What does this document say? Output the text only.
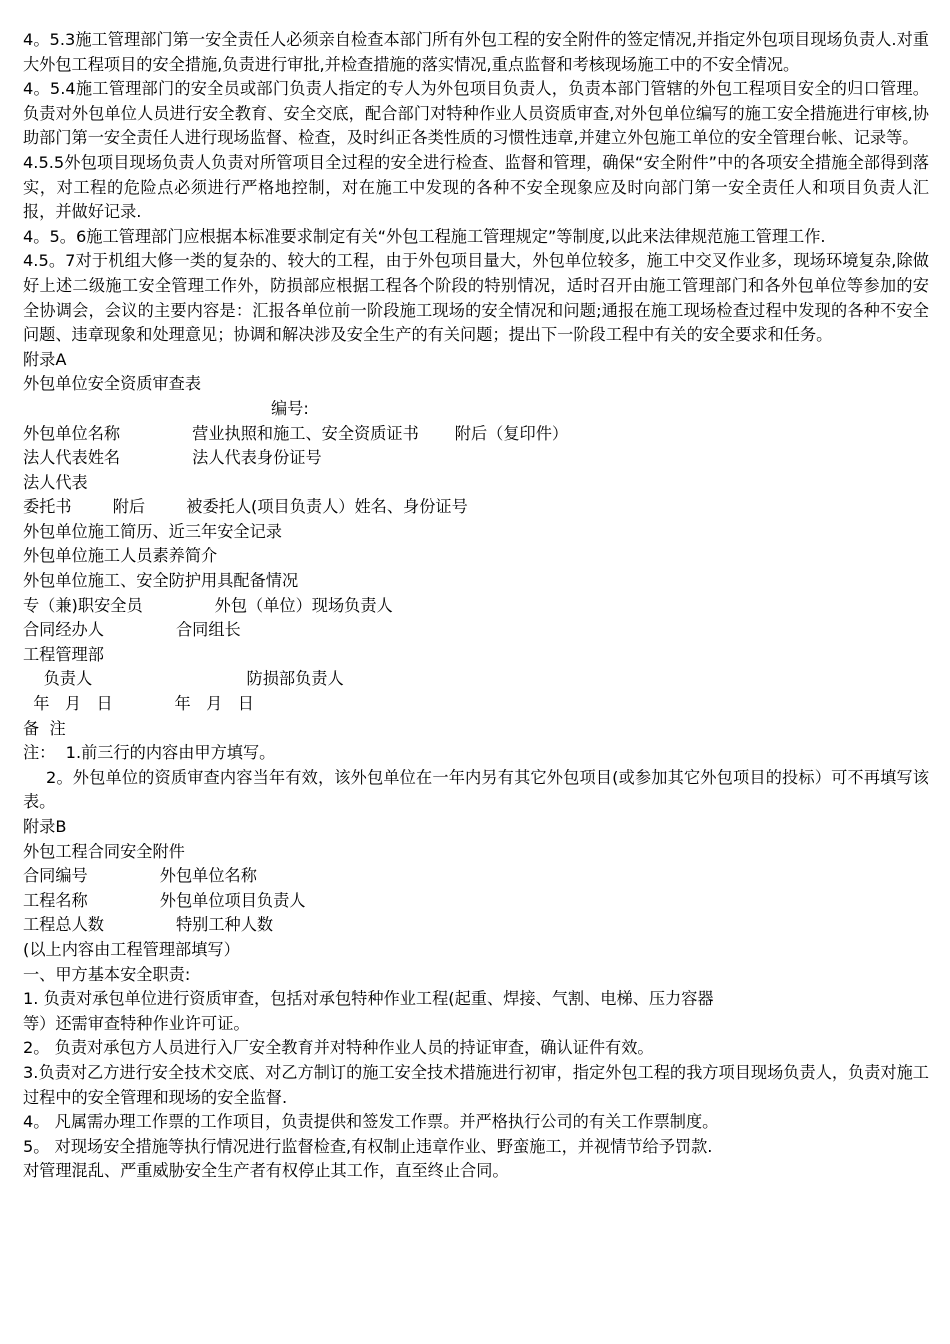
4。5.3施工管理部门第一安全责任人必须亲自检查本部门所有外包工程的安全附件的签定情况,并指定外包项目现场负责人.对重大外包工程项目的安全措施,负责进行审批,并检查措施的落实情况,重点监督和考核现场施工中的不安全情况。

4。5.4施工管理部门的安全员或部门负责人指定的专人为外包项目负责人，负责本部门管辖的外包工程项目安全的归口管理。负责对外包单位人员进行安全教育、安全交底，配合部门对特种作业人员资质审查,对外包单位编写的施工安全措施进行审核,协助部门第一安全责任人进行现场监督、检查，及时纠正各类性质的习惯性违章,并建立外包施工单位的安全管理台帐、记录等。

4.5.5外包项目现场负责人负责对所管项目全过程的安全进行检查、监督和管理，确保“安全附件”中的各项安全措施全部得到落实，对工程的危险点必须进行严格地控制，对在施工中发现的各种不安全现象应及时向部门第一安全责任人和项目负责人汇报，并做好记录.

4。5。6施工管理部门应根据本标准要求制定有关“外包工程施工管理规定”等制度,以此来法律规范施工管理工作.

4.5。7对于机组大修一类的复杂的、较大的工程，由于外包项目量大，外包单位较多，施工中交叉作业多，现场环境复杂,除做好上述二级施工安全管理工作外，防损部应根据工程各个阶段的特别情况，适时召开由施工管理部门和各外包单位等参加的安全协调会，会议的主要内容是：汇报各单位前一阶段施工现场的安全情况和问题;通报在施工现场检查过程中发现的各种不安全问题、违章现象和处理意见；协调和解决涉及安全生产的有关问题；提出下一阶段工程中有关的安全要求和任务。

附录A

外包单位安全资质审查表

编号:

外包单位名称              营业执照和施工、安全资质证书       附后（复印件）

法人代表姓名              法人代表身份证号

法人代表

委托书        附后        被委托人(项目负责人）姓名、身份证号

外包单位施工简历、近三年安全记录

外包单位施工人员素养简介

外包单位施工、安全防护用具配备情况

专（兼)职安全员              外包（单位）现场负责人

合同经办人              合同组长

工程管理部

负责人                              防损部负责人

年   月   日            年   月   日

备  注

注：  1.前三行的内容由甲方填写。

2。外包单位的资质审查内容当年有效，该外包单位在一年内另有其它外包项目(或参加其它外包项目的投标）可不再填写该表。

附录B

外包工程合同安全附件

合同编号              外包单位名称

工程名称              外包单位项目负责人

工程总人数              特别工种人数

(以上内容由工程管理部填写）

一、甲方基本安全职责:

1. 负责对承包单位进行资质审查，包括对承包特种作业工程(起重、焊接、气割、电梯、压力容器

等）还需审查特种作业许可证。

2。 负责对承包方人员进行入厂安全教育并对特种作业人员的持证审查，确认证件有效。

3.负责对乙方进行安全技术交底、对乙方制订的施工安全技术措施进行初审，指定外包工程的我方项目现场负责人，负责对施工过程中的安全管理和现场的安全监督.

4。 凡属需办理工作票的工作项目，负责提供和签发工作票。并严格执行公司的有关工作票制度。

5。 对现场安全措施等执行情况进行监督检查,有权制止违章作业、野蛮施工，并视情节给予罚款.

对管理混乱、严重威胁安全生产者有权停止其工作，直至终止合同。
